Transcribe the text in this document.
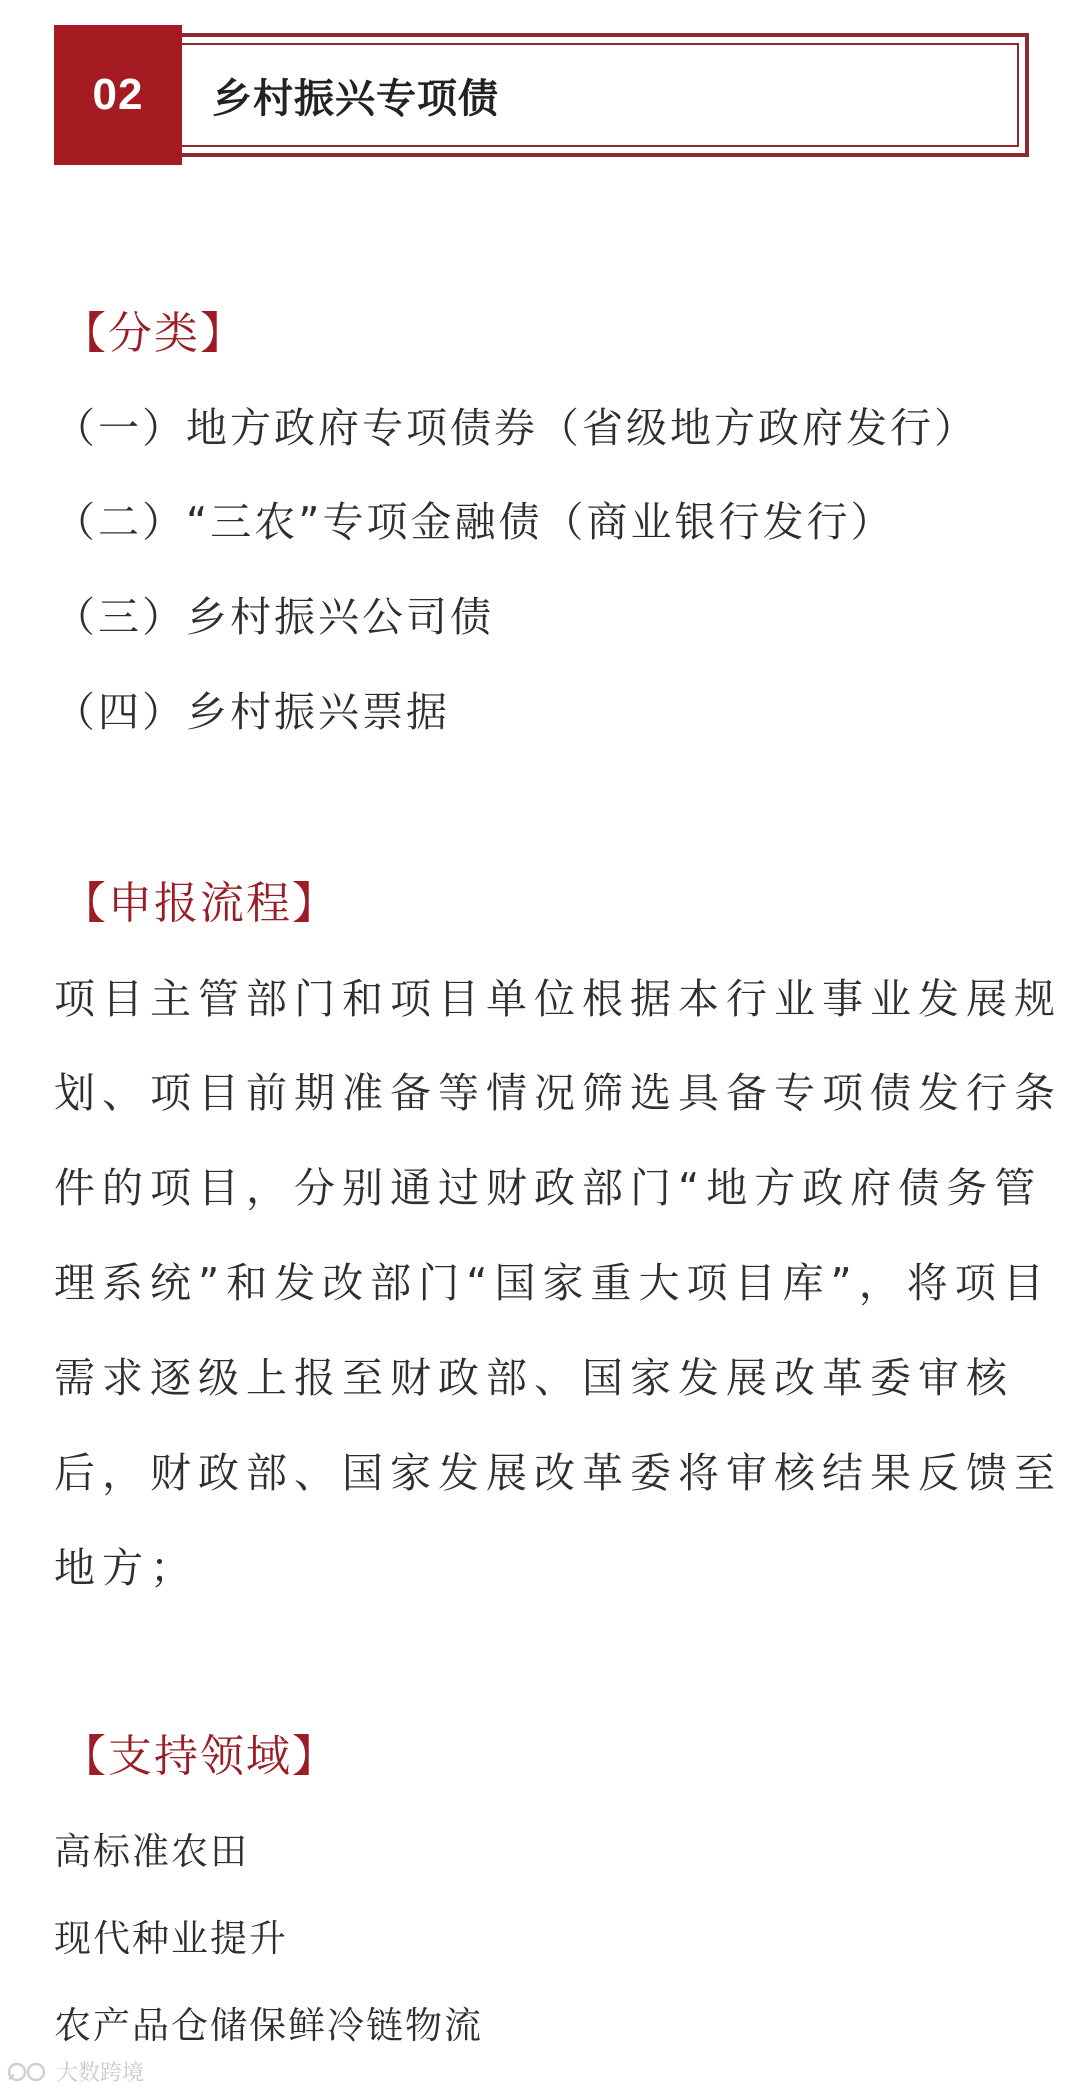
02	乡村振兴专项债
【分类】
（一）地方政府专项债券（省级地方政府发行）
（二）“三农”专项金融债（商业银行发行）
（三）乡村振兴公司债
（四）乡村振兴票据
【申报流程】
项目主管部门和项目单位根据本行业事业发展规
划、项目前期准备等情况筛选具备专项债发行条
件的项目，分别通过财政部门“地方政府债务管
理系统”和发改部门“国家重大项目库”，将项目
需求逐级上报至财政部、国家发展改革委审核
后，财政部、国家发展改革委将审核结果反馈至
地方；
【支持领域】
高标准农田
现代种业提升
农产品仓储保鲜冷链物流
大数跨境
